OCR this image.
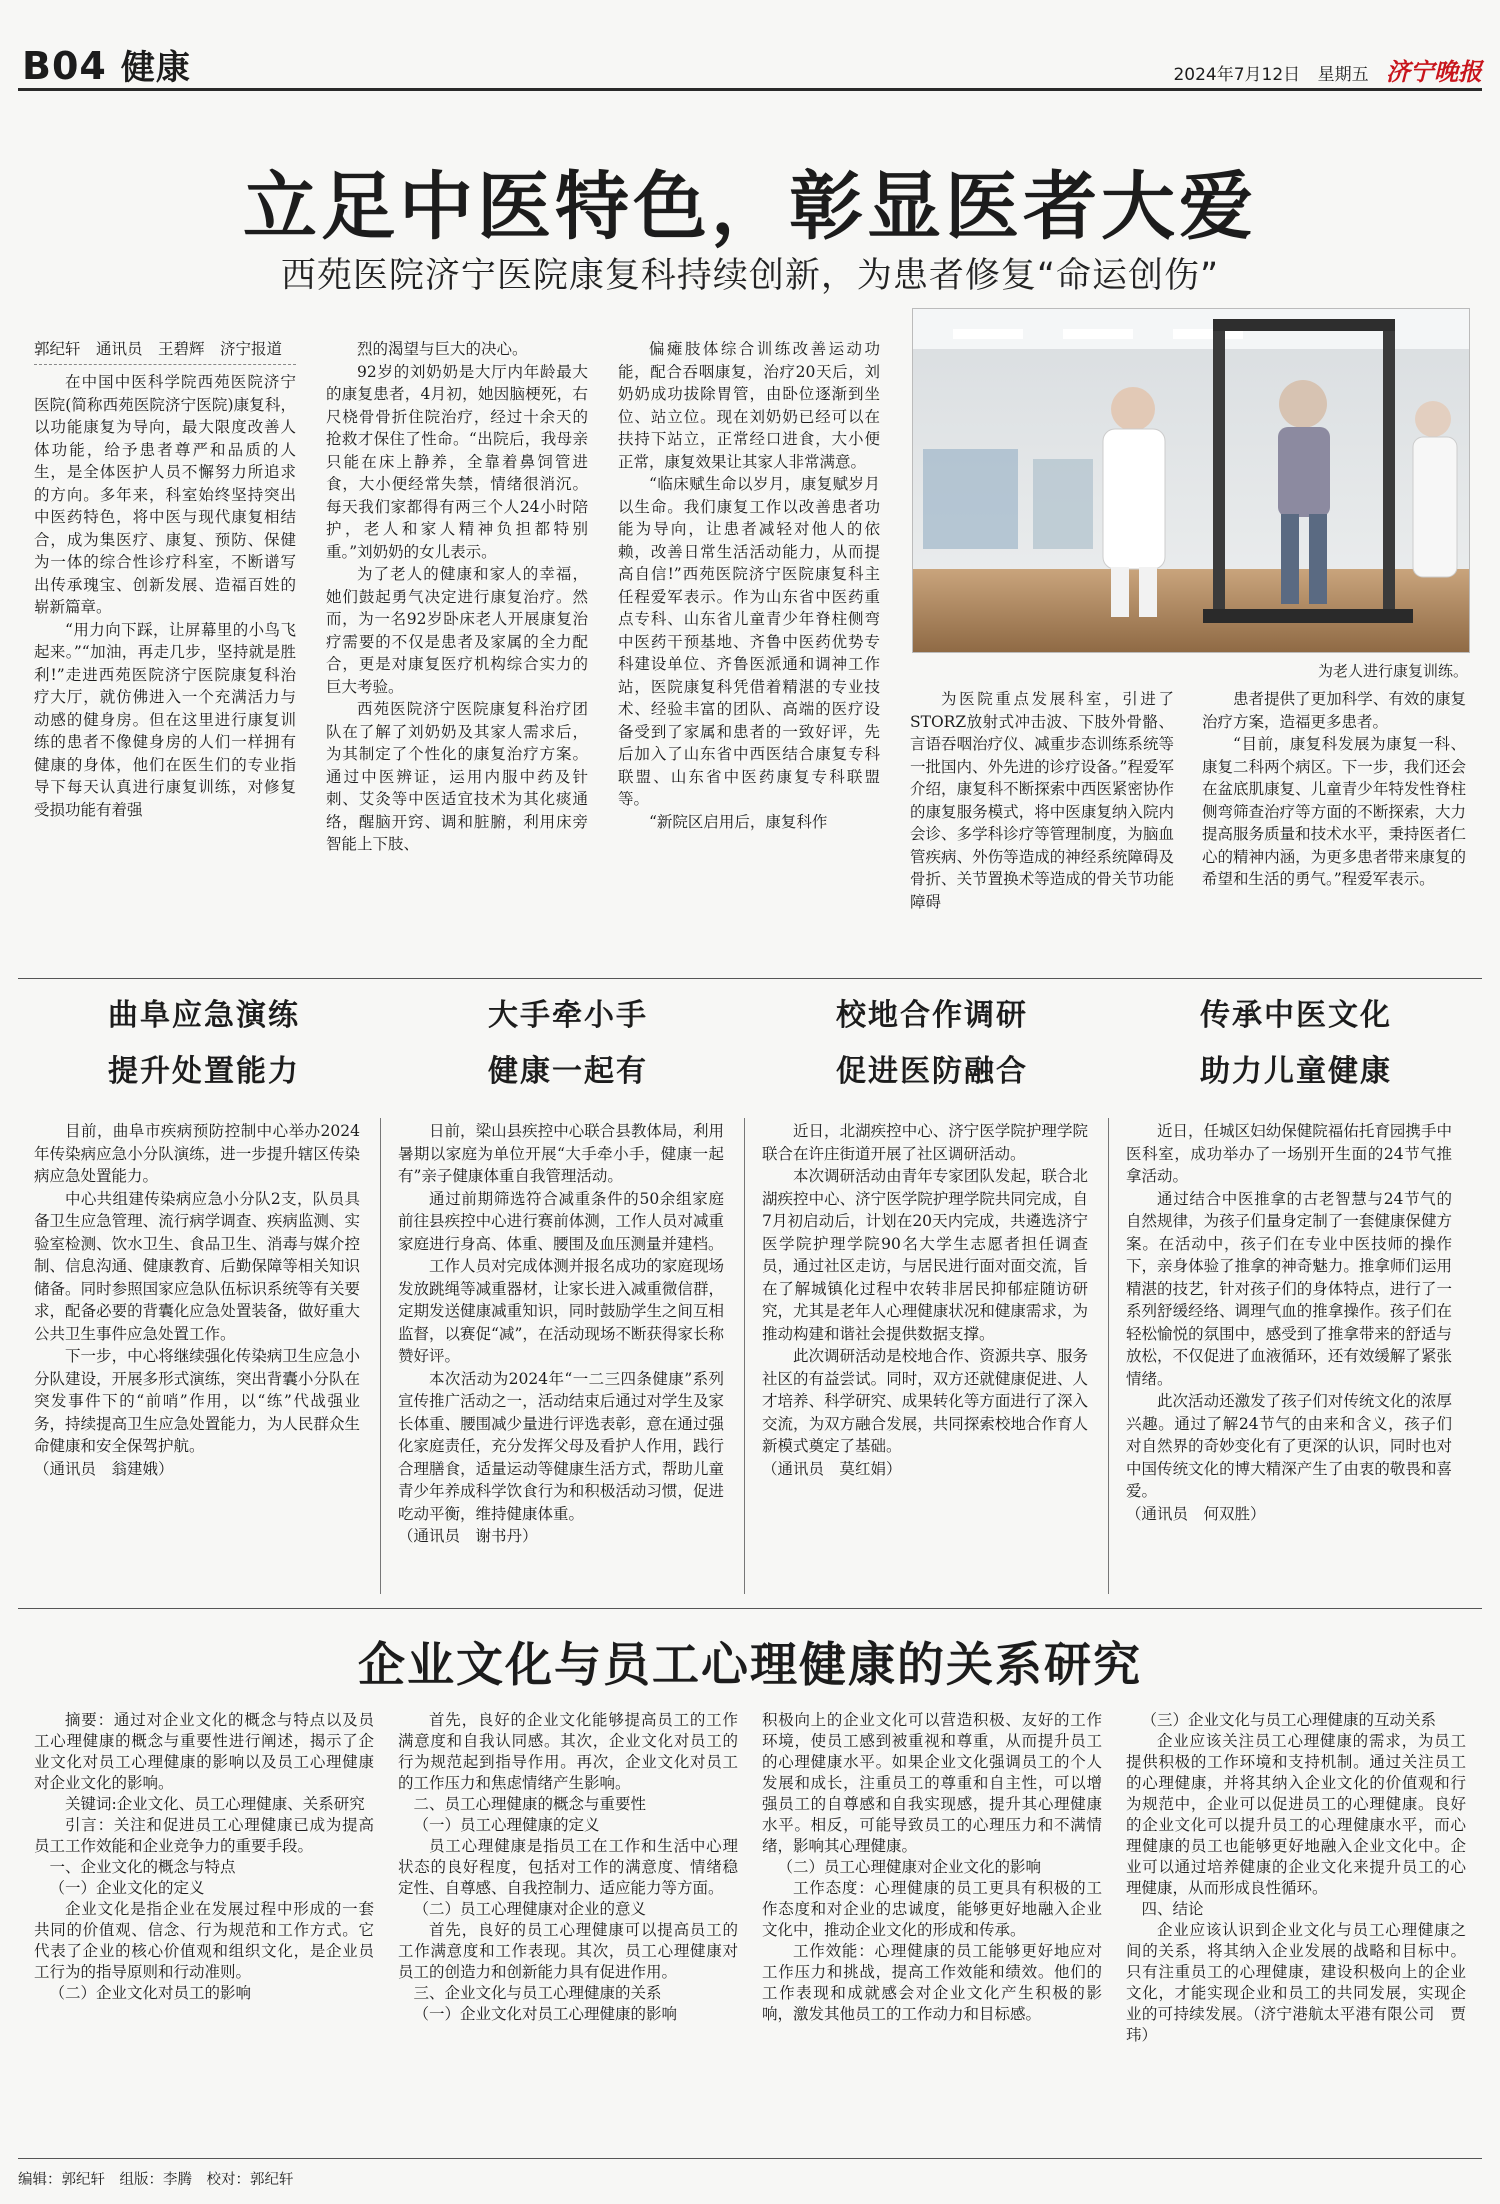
B04 健康	2024年7月12日 星期五 济宁晚报
立足中医特色，彰显医者大爱
西苑医院济宁医院康复科持续创新，为患者修复“命运创伤”

郭纪轩　通讯员　王碧辉　济宁报道

在中国中医科学院西苑医院济宁医院(简称西苑医院济宁医院)康复科，以功能康复为导向，最大限度改善人体功能，给予患者尊严和品质的人生，是全体医护人员不懈努力所追求的方向。多年来，科室始终坚持突出中医药特色，将中医与现代康复相结合，成为集医疗、康复、预防、保健为一体的综合性诊疗科室，不断谱写出传承瑰宝、创新发展、造福百姓的崭新篇章。

“用力向下踩，让屏幕里的小鸟飞起来。”“加油，再走几步，坚持就是胜利!”走进西苑医院济宁医院康复科治疗大厅，就仿佛进入一个充满活力与动感的健身房。但在这里进行康复训练的患者不像健身房的人们一样拥有健康的身体，他们在医生们的专业指导下每天认真进行康复训练，对修复受损功能有着强

烈的渴望与巨大的决心。

92岁的刘奶奶是大厅内年龄最大的康复患者，4月初，她因脑梗死，右尺桡骨骨折住院治疗，经过十余天的抢救才保住了性命。“出院后，我母亲只能在床上静养，全靠着鼻饲管进食，大小便经常失禁，情绪很消沉。每天我们家都得有两三个人24小时陪护，老人和家人精神负担都特别重。”刘奶奶的女儿表示。

为了老人的健康和家人的幸福，她们鼓起勇气决定进行康复治疗。然而，为一名92岁卧床老人开展康复治疗需要的不仅是患者及家属的全力配合，更是对康复医疗机构综合实力的巨大考验。

西苑医院济宁医院康复科治疗团队在了解了刘奶奶及其家人需求后，为其制定了个性化的康复治疗方案。通过中医辨证，运用内服中药及针刺、艾灸等中医适宜技术为其化痰通络，醒脑开窍、调和脏腑，利用床旁智能上下肢、

偏瘫肢体综合训练改善运动功能，配合吞咽康复，治疗20天后，刘奶奶成功拔除胃管，由卧位逐渐到坐位、站立位。现在刘奶奶已经可以在扶持下站立，正常经口进食，大小便正常，康复效果让其家人非常满意。

“临床赋生命以岁月，康复赋岁月以生命。我们康复工作以改善患者功能为导向，让患者减轻对他人的依赖，改善日常生活活动能力，从而提高自信!”西苑医院济宁医院康复科主任程爱军表示。作为山东省中医药重点专科、山东省儿童青少年脊柱侧弯中医药干预基地、齐鲁中医药优势专科建设单位、齐鲁医派通和调神工作站，医院康复科凭借着精湛的专业技术、经验丰富的团队、高端的医疗设备受到了家属和患者的一致好评，先后加入了山东省中西医结合康复专科联盟、山东省中医药康复专科联盟等。

“新院区启用后，康复科作

为老人进行康复训练。

为医院重点发展科室，引进了STORZ放射式冲击波、下肢外骨骼、言语吞咽治疗仪、减重步态训练系统等一批国内、外先进的诊疗设备。”程爱军介绍，康复科不断探索中西医紧密协作的康复服务模式，将中医康复纳入院内会诊、多学科诊疗等管理制度，为脑血管疾病、外伤等造成的神经系统障碍及骨折、关节置换术等造成的骨关节功能障碍

患者提供了更加科学、有效的康复治疗方案，造福更多患者。

“目前，康复科发展为康复一科、康复二科两个病区。下一步，我们还会在盆底肌康复、儿童青少年特发性脊柱侧弯筛查治疗等方面的不断探索，大力提高服务质量和技术水平，秉持医者仁心的精神内涵，为更多患者带来康复的希望和生活的勇气。”程爱军表示。

曲阜应急演练
提升处置能力
大手牵小手
健康一起有
校地合作调研
促进医防融合
传承中医文化
助力儿童健康

目前，曲阜市疾病预防控制中心举办2024年传染病应急小分队演练，进一步提升辖区传染病应急处置能力。

中心共组建传染病应急小分队2支，队员具备卫生应急管理、流行病学调查、疾病监测、实验室检测、饮水卫生、食品卫生、消毒与媒介控制、信息沟通、健康教育、后勤保障等相关知识储备。同时参照国家应急队伍标识系统等有关要求，配备必要的背囊化应急处置装备，做好重大公共卫生事件应急处置工作。

下一步，中心将继续强化传染病卫生应急小分队建设，开展多形式演练，突出背囊小分队在突发事件下的“前哨”作用，以“练”代战强业务，持续提高卫生应急处置能力，为人民群众生命健康和安全保驾护航。

（通讯员　翁建娥）

日前，梁山县疾控中心联合县教体局，利用暑期以家庭为单位开展“大手牵小手，健康一起有”亲子健康体重自我管理活动。

通过前期筛选符合减重条件的50余组家庭前往县疾控中心进行赛前体测，工作人员对减重家庭进行身高、体重、腰围及血压测量并建档。

工作人员对完成体测并报名成功的家庭现场发放跳绳等减重器材，让家长进入减重微信群，定期发送健康减重知识，同时鼓励学生之间互相监督，以赛促“减”，在活动现场不断获得家长称赞好评。

本次活动为2024年“一二三四条健康”系列宣传推广活动之一，活动结束后通过对学生及家长体重、腰围减少量进行评选表彰，意在通过强化家庭责任，充分发挥父母及看护人作用，践行合理膳食，适量运动等健康生活方式，帮助儿童青少年养成科学饮食行为和积极活动习惯，促进吃动平衡，维持健康体重。

（通讯员　谢书丹）

近日，北湖疾控中心、济宁医学院护理学院联合在许庄街道开展了社区调研活动。

本次调研活动由青年专家团队发起，联合北湖疾控中心、济宁医学院护理学院共同完成，自7月初启动后，计划在20天内完成，共遴选济宁医学院护理学院90名大学生志愿者担任调查员，通过社区走访，与居民进行面对面交流，旨在了解城镇化过程中农转非居民抑郁症随访研究，尤其是老年人心理健康状况和健康需求，为推动构建和谐社会提供数据支撑。

此次调研活动是校地合作、资源共享、服务社区的有益尝试。同时，双方还就健康促进、人才培养、科学研究、成果转化等方面进行了深入交流，为双方融合发展，共同探索校地合作育人新模式奠定了基础。

（通讯员　莫红娟）

近日，任城区妇幼保健院福佑托育园携手中医科室，成功举办了一场别开生面的24节气推拿活动。

通过结合中医推拿的古老智慧与24节气的自然规律，为孩子们量身定制了一套健康保健方案。在活动中，孩子们在专业中医技师的操作下，亲身体验了推拿的神奇魅力。推拿师们运用精湛的技艺，针对孩子们的身体特点，进行了一系列舒缓经络、调理气血的推拿操作。孩子们在轻松愉悦的氛围中，感受到了推拿带来的舒适与放松，不仅促进了血液循环，还有效缓解了紧张情绪。

此次活动还激发了孩子们对传统文化的浓厚兴趣。通过了解24节气的由来和含义，孩子们对自然界的奇妙变化有了更深的认识，同时也对中国传统文化的博大精深产生了由衷的敬畏和喜爱。

（通讯员　何双胜）
企业文化与员工心理健康的关系研究

摘要：通过对企业文化的概念与特点以及员工心理健康的概念与重要性进行阐述，揭示了企业文化对员工心理健康的影响以及员工心理健康对企业文化的影响。

关键词:企业文化、员工心理健康、关系研究

引言：关注和促进员工心理健康已成为提高员工工作效能和企业竞争力的重要手段。

一、企业文化的概念与特点

（一）企业文化的定义

企业文化是指企业在发展过程中形成的一套共同的价值观、信念、行为规范和工作方式。它代表了企业的核心价值观和组织文化，是企业员工行为的指导原则和行动准则。

（二）企业文化对员工的影响

首先，良好的企业文化能够提高员工的工作满意度和自我认同感。其次，企业文化对员工的行为规范起到指导作用。再次，企业文化对员工的工作压力和焦虑情绪产生影响。

二、员工心理健康的概念与重要性

（一）员工心理健康的定义

员工心理健康是指员工在工作和生活中心理状态的良好程度，包括对工作的满意度、情绪稳定性、自尊感、自我控制力、适应能力等方面。

（二）员工心理健康对企业的意义

首先，良好的员工心理健康可以提高员工的工作满意度和工作表现。其次，员工心理健康对员工的创造力和创新能力具有促进作用。

三、企业文化与员工心理健康的关系

（一）企业文化对员工心理健康的影响

积极向上的企业文化可以营造积极、友好的工作环境，使员工感到被重视和尊重，从而提升员工的心理健康水平。如果企业文化强调员工的个人发展和成长，注重员工的尊重和自主性，可以增强员工的自尊感和自我实现感，提升其心理健康水平。相反，可能导致员工的心理压力和不满情绪，影响其心理健康。

（二）员工心理健康对企业文化的影响

工作态度：心理健康的员工更具有积极的工作态度和对企业的忠诚度，能够更好地融入企业文化中，推动企业文化的形成和传承。

工作效能：心理健康的员工能够更好地应对工作压力和挑战，提高工作效能和绩效。他们的工作表现和成就感会对企业文化产生积极的影响，激发其他员工的工作动力和目标感。

（三）企业文化与员工心理健康的互动关系

企业应该关注员工心理健康的需求，为员工提供积极的工作环境和支持机制。通过关注员工的心理健康，并将其纳入企业文化的价值观和行为规范中，企业可以促进员工的心理健康。良好的企业文化可以提升员工的心理健康水平，而心理健康的员工也能够更好地融入企业文化中。企业可以通过培养健康的企业文化来提升员工的心理健康，从而形成良性循环。

四、结论

企业应该认识到企业文化与员工心理健康之间的关系，将其纳入企业发展的战略和目标中。只有注重员工的心理健康，建设积极向上的企业文化，才能实现企业和员工的共同发展，实现企业的可持续发展。（济宁港航太平港有限公司　贾玮）

编辑：郭纪轩　组版：李腾　校对：郭纪轩
